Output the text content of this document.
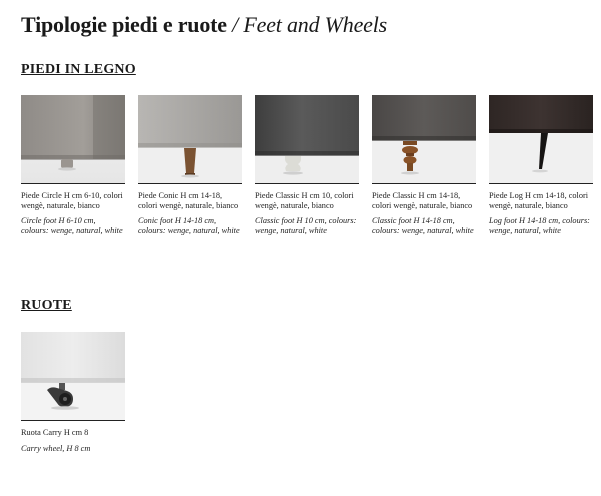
Tipologie piedi e ruote / Feet and Wheels
PIEDI IN LEGNO

Piede Circle H cm 6-10, colori wengè, naturale, bianco

Circle foot H 6-10 cm, colours: wenge, natural, white

Piede Conic H cm 14-18, colori wengè, naturale, bianco

Conic foot H 14-18 cm, colours: wenge, natural, white

Piede Classic H cm 10, colori wengè, naturale, bianco

Classic foot H 10 cm, colours: wenge, natural, white

Piede Classic H cm 14-18, colori wengè, naturale, bianco

Classic foot H 14-18 cm, colours: wenge, natural, white

Piede Log H cm 14-18, colori wengè, naturale, bianco

Log foot H 14-18 cm, colours: wenge, natural, white

RUOTE

Ruota Carry H cm 8

Carry wheel, H 8 cm
